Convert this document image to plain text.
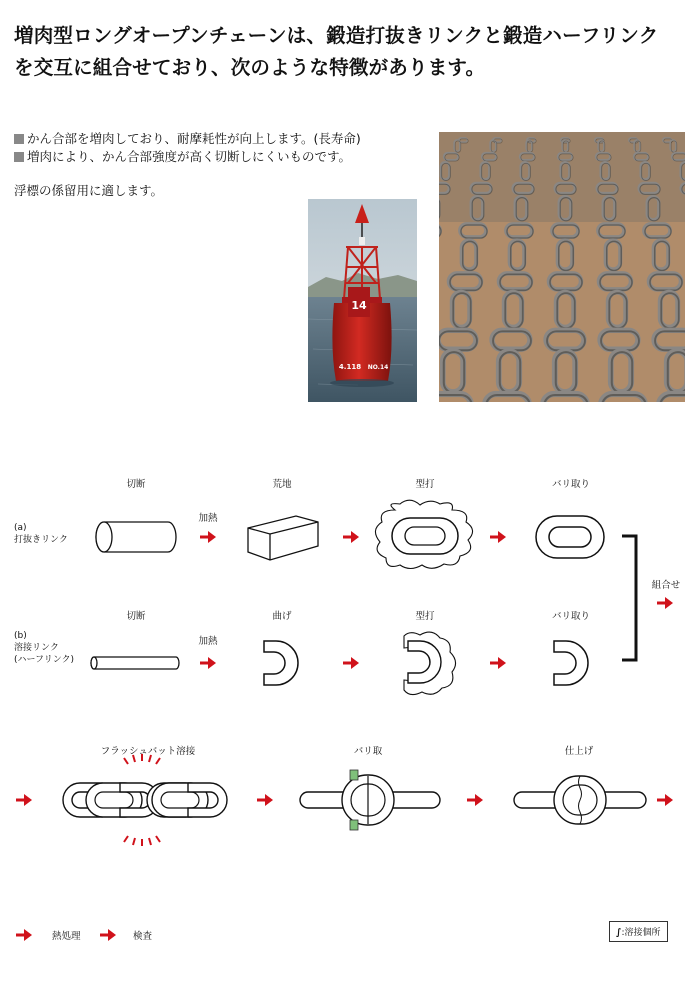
増肉型ロングオープンチェーンは、鍛造打抜きリンクと鍛造ハーフリンク
を交互に組合せており、次のような特徴があります。
かん合部を増肉しており、耐摩耗性が向上します。(長寿命)
増肉により、かん合部強度が高く切断しにくいものです。
浮標の係留用に適します。
14
4.118 NO.14
切断	荒地	型打	バリ取り
加熱
(a)
打抜きリンク
切断	曲げ	型打	バリ取り
加熱
(b)
溶接リンク
(ハーフリンク)
組合せ
フラッシュバット溶接	バリ取	仕上げ
熱処理	検査	∫:溶接個所
